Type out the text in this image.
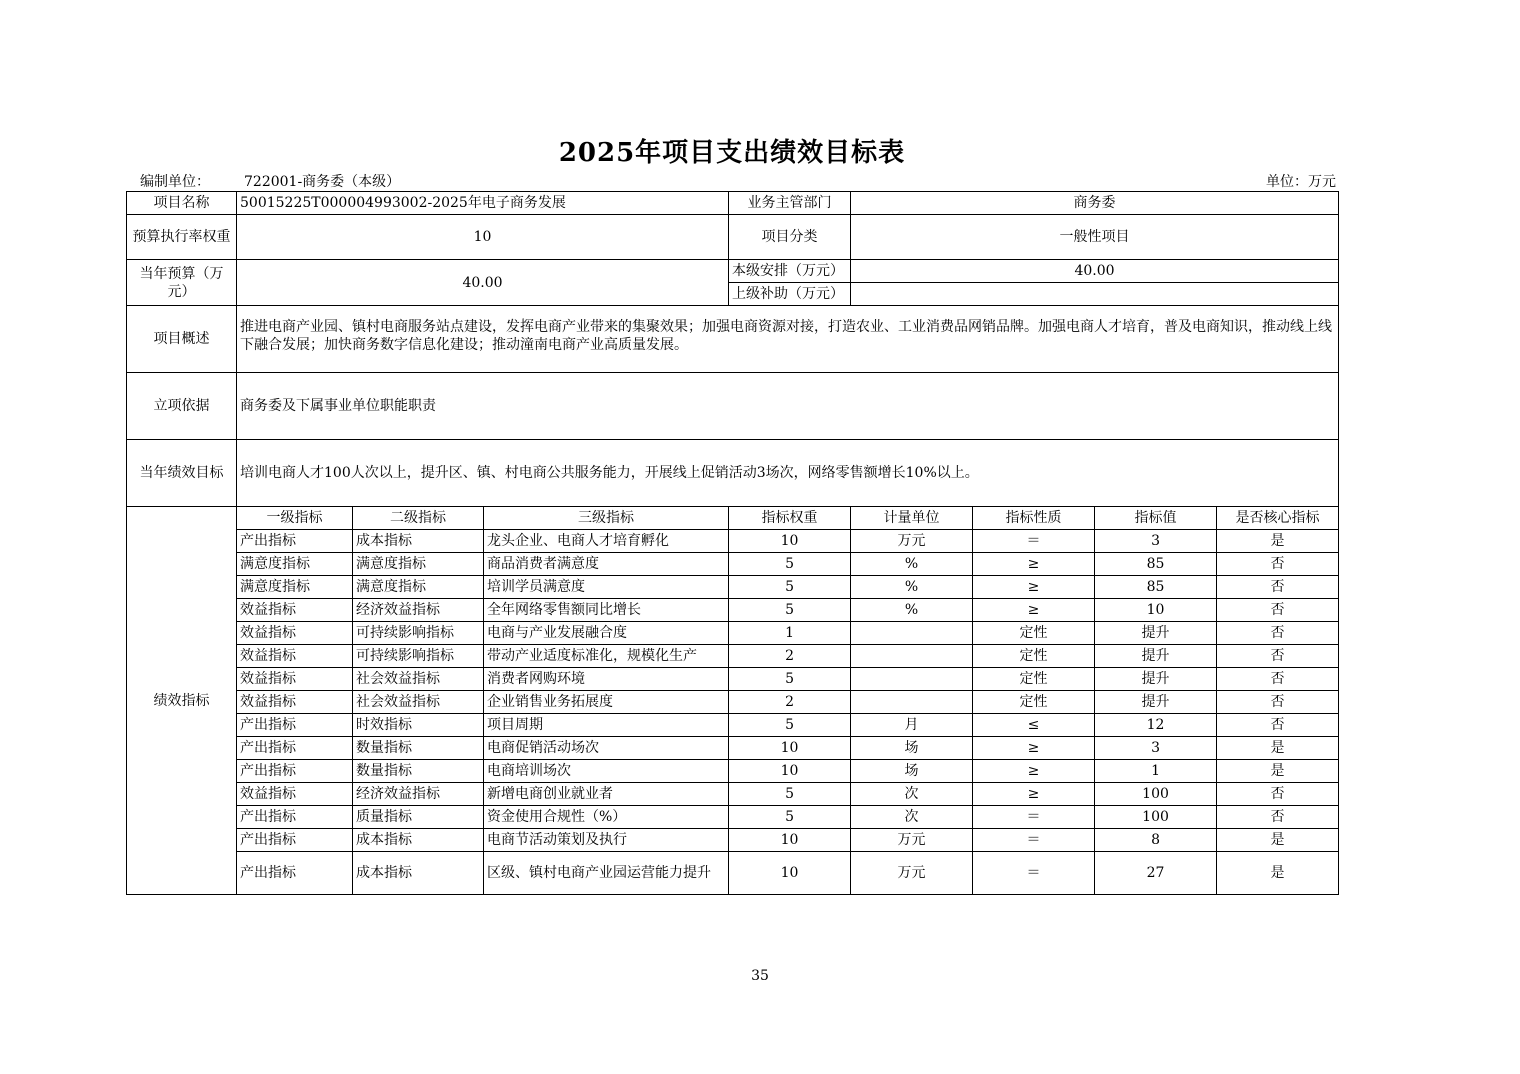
2025年项目支出绩效目标表
编制单位： 722001-商务委（本级）	单位：万元
项目名称	50015225T000004993002-2025年电子商务发展			业务主管部门	商务委			
预算执行率权重	10			项目分类	一般性项目			
当年预算（万元）	40.00			本级安排（万元）	40.00			
				上级补助（万元）				
项目概述	推进电商产业园、镇村电商服务站点建设，发挥电商产业带来的集聚效果；加强电商资源对接，打造农业、工业消费品网销品牌。加强电商人才培育，普及电商知识，推动线上线下融合发展；加快商务数字信息化建设；推动潼南电商产业高质量发展。							
立项依据	商务委及下属事业单位职能职责							
当年绩效目标	培训电商人才100人次以上，提升区、镇、村电商公共服务能力，开展线上促销活动3场次，网络零售额增长10%以上。							
绩效指标	一级指标	二级指标	三级指标	指标权重	计量单位	指标性质	指标值	是否核心指标
	产出指标	成本指标	龙头企业、电商人才培育孵化	10	万元	＝	3	是
	满意度指标	满意度指标	商品消费者满意度	5	%	≥	85	否
	满意度指标	满意度指标	培训学员满意度	5	%	≥	85	否
	效益指标	经济效益指标	全年网络零售额同比增长	5	%	≥	10	否
	效益指标	可持续影响指标	电商与产业发展融合度	1		定性	提升	否
	效益指标	可持续影响指标	带动产业适度标准化，规模化生产	2		定性	提升	否
	效益指标	社会效益指标	消费者网购环境	5		定性	提升	否
	效益指标	社会效益指标	企业销售业务拓展度	2		定性	提升	否
	产出指标	时效指标	项目周期	5	月	≤	12	否
	产出指标	数量指标	电商促销活动场次	10	场	≥	3	是
	产出指标	数量指标	电商培训场次	10	场	≥	1	是
	效益指标	经济效益指标	新增电商创业就业者	5	次	≥	100	否
	产出指标	质量指标	资金使用合规性（%）	5	次	＝	100	否
	产出指标	成本指标	电商节活动策划及执行	10	万元	＝	8	是
	产出指标	成本指标	区级、镇村电商产业园运营能力提升	10	万元	＝	27	是
35
